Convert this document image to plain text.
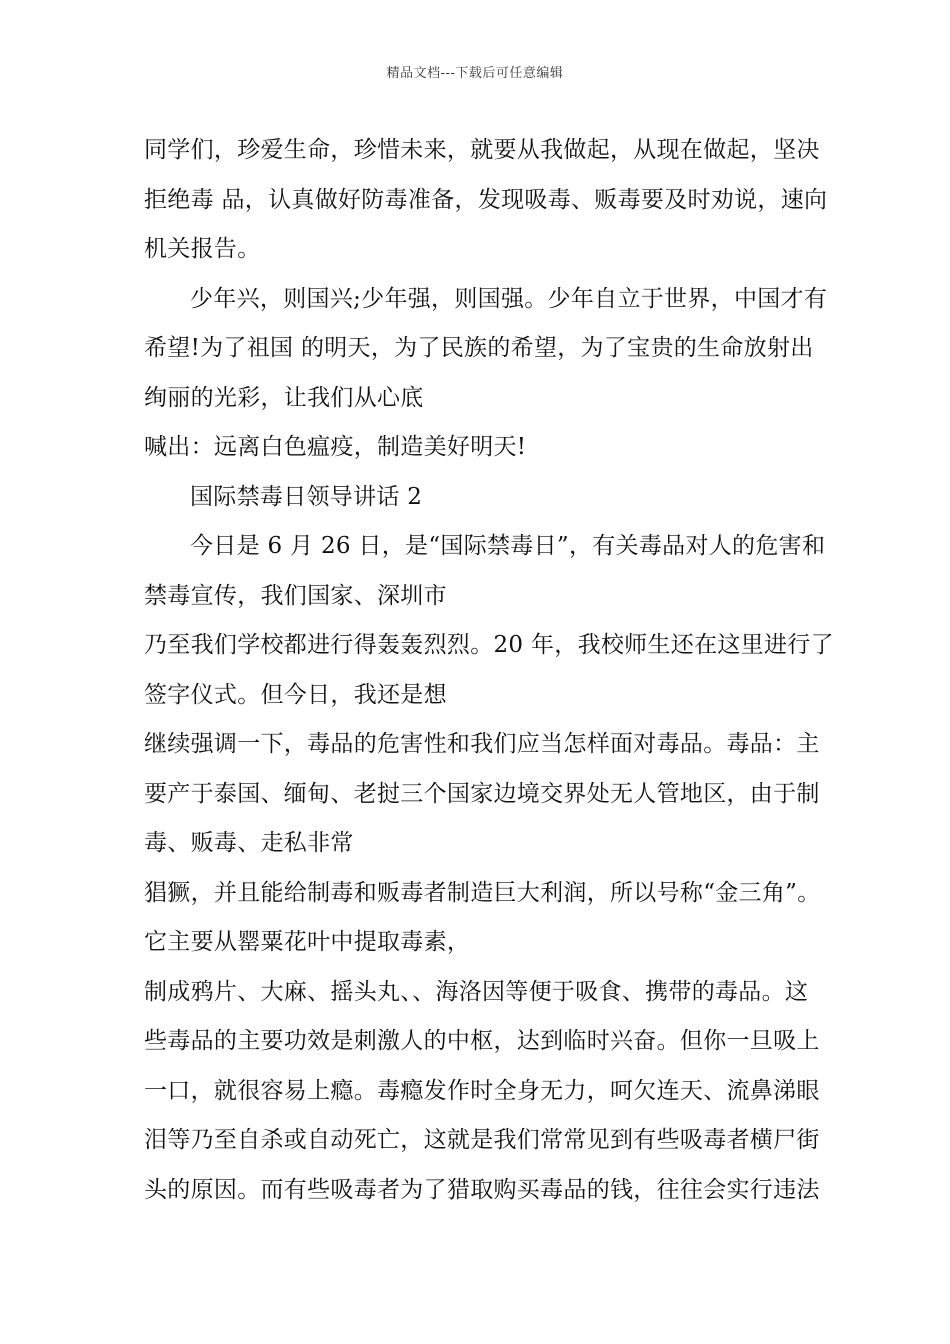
精品文档---下载后可任意编辑
同学们，珍爱生命，珍惜未来，就要从我做起，从现在做起，坚决
拒绝毒 品，认真做好防毒准备，发现吸毒、贩毒要及时劝说，速向
机关报告。
少年兴，则国兴;少年强，则国强。少年自立于世界，中国才有
希望!为了祖国 的明天，为了民族的希望，为了宝贵的生命放射出
绚丽的光彩，让我们从心底
喊出：远离白色瘟疫，制造美好明天!
国际禁毒日领导讲话 2
今日是 6 月 26 日，是“国际禁毒日”，有关毒品对人的危害和
禁毒宣传，我们国家、深圳市
乃至我们学校都进行得轰轰烈烈。20 年，我校师生还在这里进行了
签字仪式。但今日，我还是想
继续强调一下，毒品的危害性和我们应当怎样面对毒品。毒品：主
要产于泰国、缅甸、老挝三个国家边境交界处无人管地区，由于制
毒、贩毒、走私非常
猖獗，并且能给制毒和贩毒者制造巨大利润，所以号称“金三角”。
它主要从罂粟花叶中提取毒素，
制成鸦片、大麻、摇头丸、、海洛因等便于吸食、携带的毒品。这
些毒品的主要功效是刺激人的中枢，达到临时兴奋。但你一旦吸上
一口，就很容易上瘾。毒瘾发作时全身无力，呵欠连天、流鼻涕眼
泪等乃至自杀或自动死亡，这就是我们常常见到有些吸毒者横尸街
头的原因。而有些吸毒者为了猎取购买毒品的钱，往往会实行违法
